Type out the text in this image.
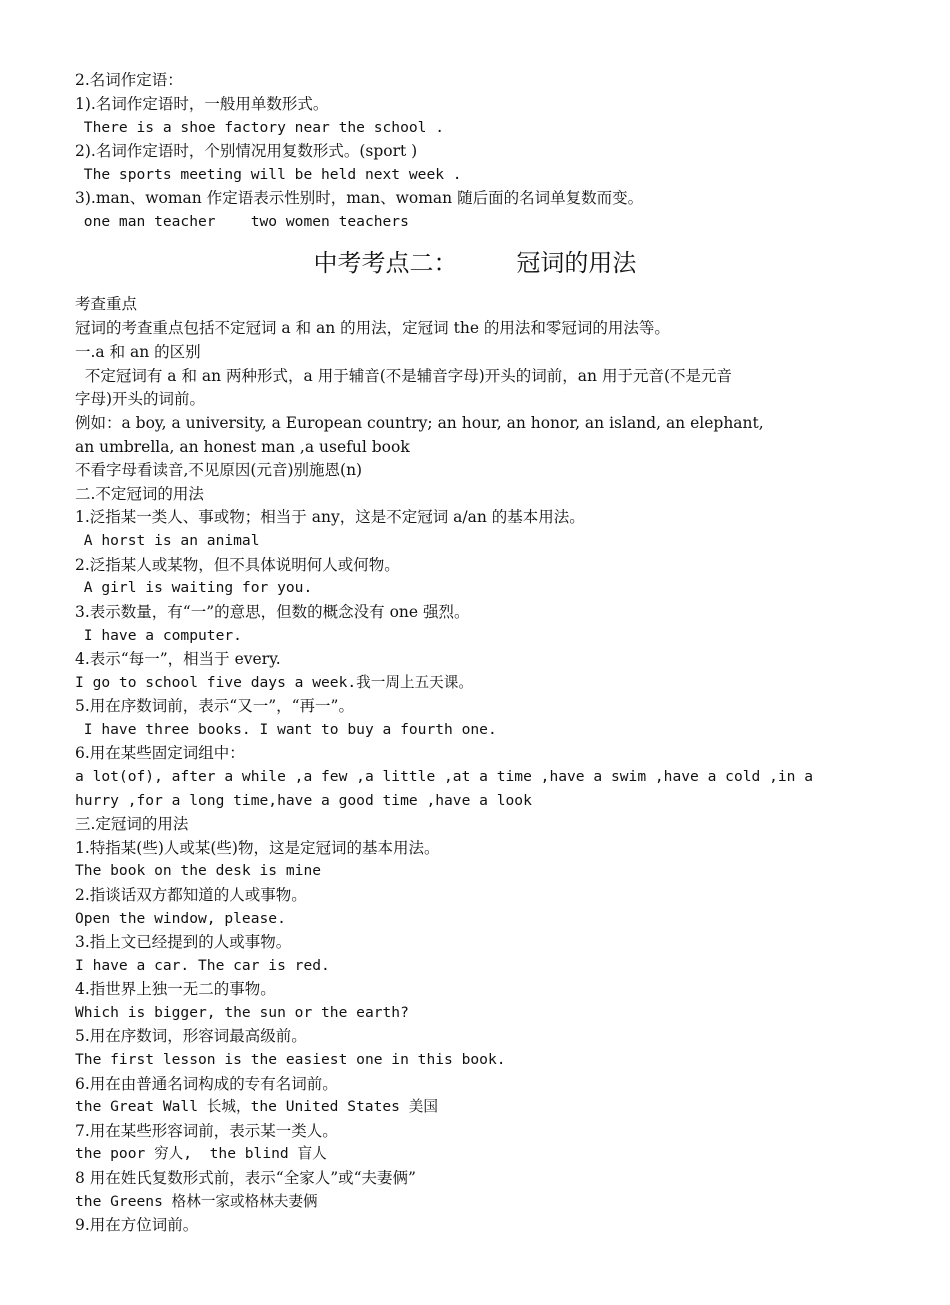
2.名词作定语：
1).名词作定语时，一般用单数形式。
There is a shoe factory near the school .
2).名词作定语时，个别情况用复数形式。(sport )
The sports meeting will be held next week .
3).man、woman 作定语表示性别时，man、woman 随后面的名词单复数而变。
one man teacher    two women teachers
中考考点二：   冠词的用法
考查重点
冠词的考查重点包括不定冠词 a 和 an 的用法，定冠词 the 的用法和零冠词的用法等。
一.a 和 an 的区别
不定冠词有 a 和 an 两种形式，a 用于辅音(不是辅音字母)开头的词前，an 用于元音(不是元音
字母)开头的词前。
例如：a boy, a university, a European country; an hour, an honor, an island, an elephant,
an umbrella, an honest man ,a useful book
不看字母看读音,不见原因(元音)别施恩(n)
二.不定冠词的用法
1.泛指某一类人、事或物；相当于 any，这是不定冠词 a/an 的基本用法。
A horst is an animal
2.泛指某人或某物，但不具体说明何人或何物。
A girl is waiting for you.
3.表示数量，有“一”的意思，但数的概念没有 one 强烈。
I have a computer.
4.表示“每一”，相当于 every.
I go to school five days a week.我一周上五天课。
5.用在序数词前，表示“又一”，“再一”。
I have three books. I want to buy a fourth one.
6.用在某些固定词组中：
a lot(of), after a while ,a few ,a little ,at a time ,have a swim ,have a cold ,in a
hurry ,for a long time,have a good time ,have a look
三.定冠词的用法
1.特指某(些)人或某(些)物，这是定冠词的基本用法。
The book on the desk is mine
2.指谈话双方都知道的人或事物。
Open the window, please.
3.指上文已经提到的人或事物。
I have a car. The car is red.
4.指世界上独一无二的事物。
Which is bigger, the sun or the earth?
5.用在序数词，形容词最高级前。
The first lesson is the easiest one in this book.
6.用在由普通名词构成的专有名词前。
the Great Wall 长城，the United States 美国
7.用在某些形容词前，表示某一类人。
the poor 穷人,  the blind 盲人
8 用在姓氏复数形式前，表示“全家人”或“夫妻俩”
the Greens 格林一家或格林夫妻俩
9.用在方位词前。
